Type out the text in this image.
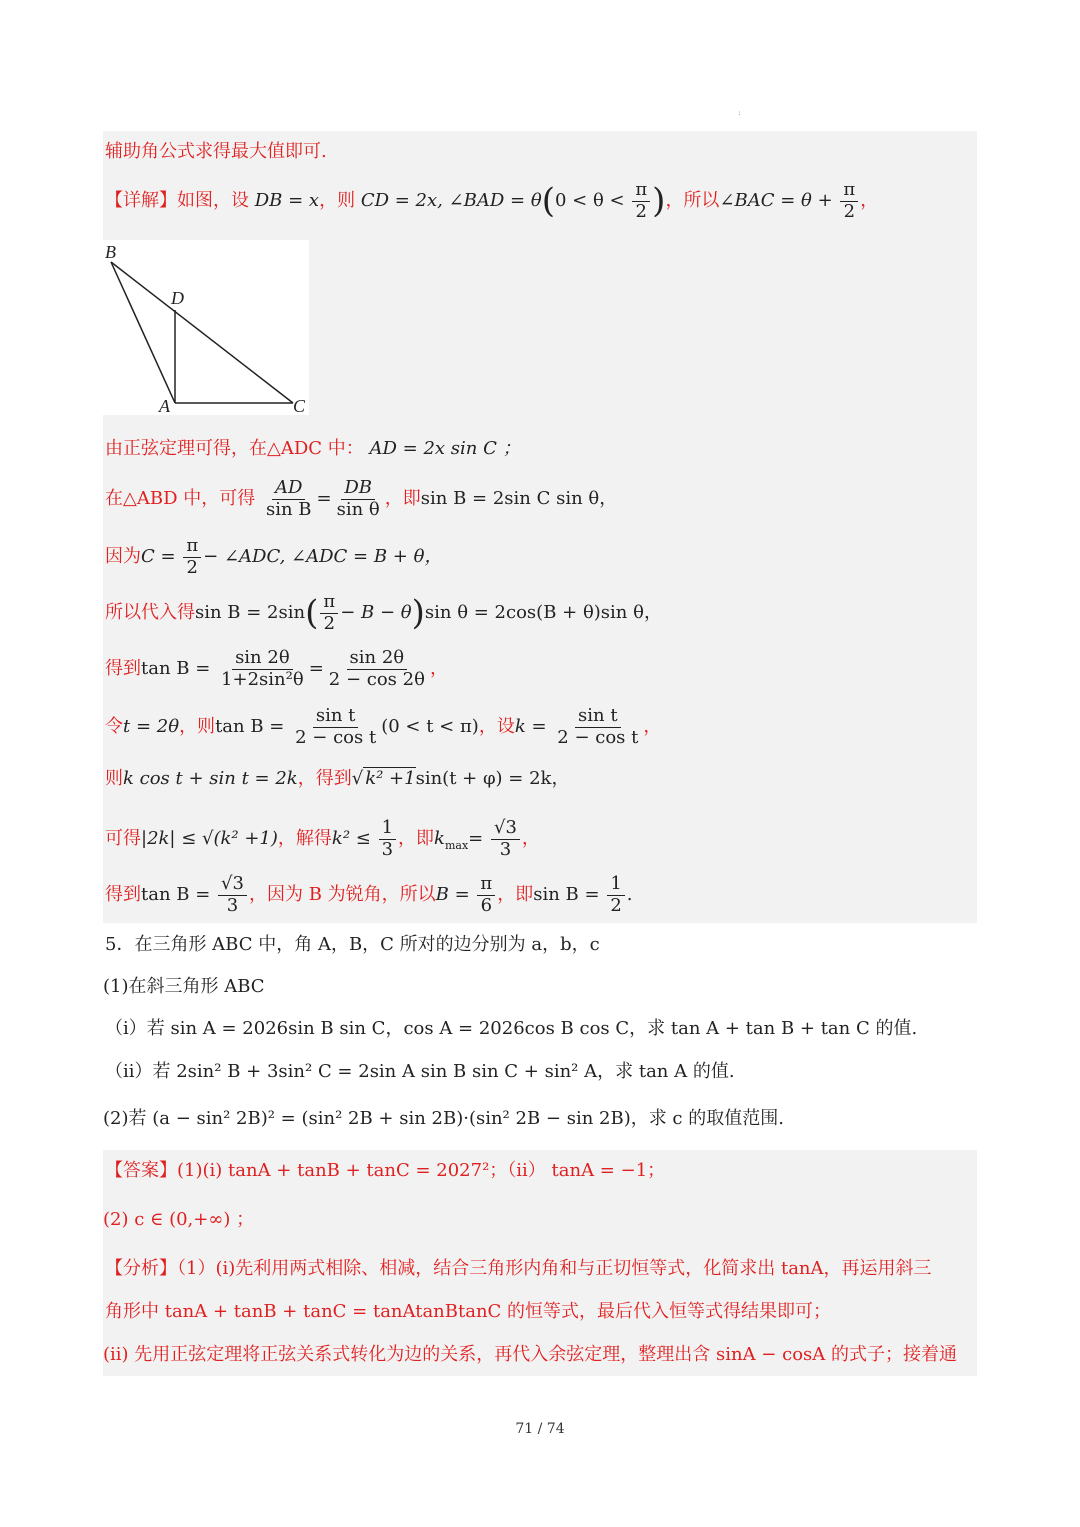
:
辅助角公式求得最大值即可.
【详解】如图，设 DB = x，则 CD = 2x, ∠BAD = $\theta(0 < \theta < \frac{\pi}{2}$ )，所以∠BAC = $\theta + \frac{\pi}{2}$ ，
B
D
A	C
由正弦定理可得，在△ADC 中： AD = 2x sin C ；
在△ABD 中，可得 $\frac{AD}{\text{sin B}} = \frac{DB}{\text{sin θ}}$ ，即sin B = 2sin C sin θ，
因为$C = \frac{\pi}{2}$ − ∠ADC, ∠ADC = B + θ，
所以代入得$\sin B = 2\sin( \frac{\pi}{2} - B - \theta)\sin$ θ = 2cos(B + θ)sin θ，
得到$\tan B = \frac{\sin 2\theta}{\text{1+2sin²θ}} = \frac{\sin 2\theta}{2 - \cos 2\theta}$ ，
令t = 2θ，则$\tan B = \frac{\text{sin t}}{\text{2 − cos t}} (0 < t < \pi)$，设$k = \frac{\text{sin t}}{\text{2 − cos t}}$ ，
则k cos t + sin t = 2k，得到√ k² +1sin(t + φ) = 2k，
可得|2k| ≤ √(k² +1)，解得$k^2 \le \frac{1}{3}$ ，即$k_{max}= \frac{√3}{3}$ ，
得到$\tan B = \frac{√3}{3}$ ，因为 B 为锐角，所以$B = \frac{\pi}{6}$ ，即$\sin B = \frac{1}{2}$ .
5．在三角形 ABC 中，角 A，B，C 所对的边分别为 a，b，c
(1)在斜三角形 ABC
（i）若 sin A = 2026sin B sin C，cos A = 2026cos B cos C，求 tan A + tan B + tan C 的值.
（ii）若 2sin² B + 3sin² C = 2sin A sin B sin C + sin² A，求 tan A 的值.
(2)若 (a − sin² 2B)² = (sin² 2B + sin 2B)·(sin² 2B − sin 2B)，求 c 的取值范围.
【答案】(1)(i) tanA + tanB + tanC = 2027²；（ii） tanA = −1；
(2) c ∈ (0,+∞) ；
【分析】（1）(i)先利用两式相除、相减，结合三角形内角和与正切恒等式，化简求出 tanA，再运用斜三
角形中 tanA + tanB + tanC = tanAtanBtanC 的恒等式，最后代入恒等式得结果即可；
(ii) 先用正弦定理将正弦关系式转化为边的关系，再代入余弦定理，整理出含 sinA − cosA 的式子；接着通
71 / 74
